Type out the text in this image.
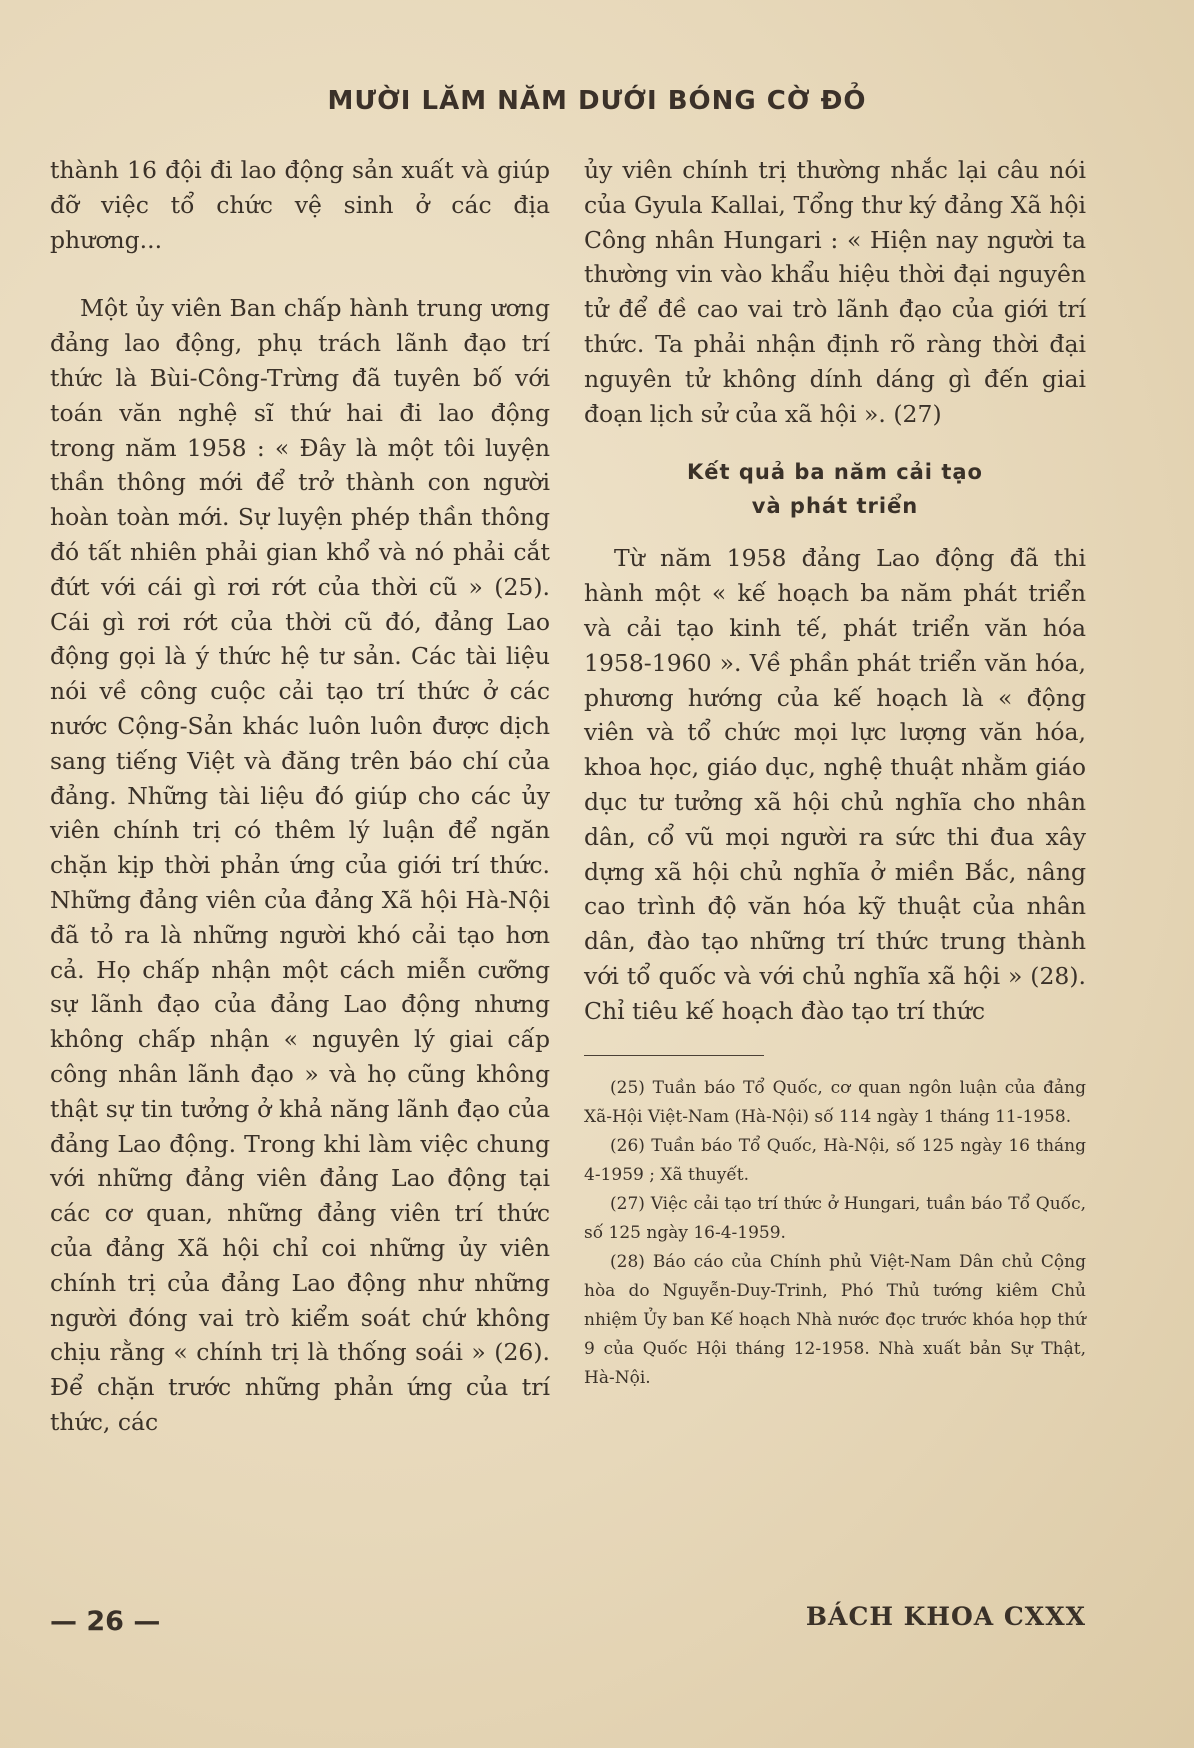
MƯỜI LĂM NĂM DƯỚI BÓNG CỜ ĐỎ

thành 16 đội đi lao động sản xuất và giúp đỡ việc tổ chức vệ sinh ở các địa phương...

Một ủy viên Ban chấp hành trung ương đảng lao động, phụ trách lãnh đạo trí thức là Bùi-Công-Trừng đã tuyên bố với toán văn nghệ sĩ thứ hai đi lao động trong năm 1958 : « Đây là một tôi luyện thần thông mới để trở thành con người hoàn toàn mới. Sự luyện phép thần thông đó tất nhiên phải gian khổ và nó phải cắt đứt với cái gì rơi rớt của thời cũ » (25). Cái gì rơi rớt của thời cũ đó, đảng Lao động gọi là ý thức hệ tư sản. Các tài liệu nói về công cuộc cải tạo trí thức ở các nước Cộng-Sản khác luôn luôn được dịch sang tiếng Việt và đăng trên báo chí của đảng. Những tài liệu đó giúp cho các ủy viên chính trị có thêm lý luận để ngăn chặn kịp thời phản ứng của giới trí thức. Những đảng viên của đảng Xã hội Hà-Nội đã tỏ ra là những người khó cải tạo hơn cả. Họ chấp nhận một cách miễn cưỡng sự lãnh đạo của đảng Lao động nhưng không chấp nhận « nguyên lý giai cấp công nhân lãnh đạo » và họ cũng không thật sự tin tưởng ở khả năng lãnh đạo của đảng Lao động. Trong khi làm việc chung với những đảng viên đảng Lao động tại các cơ quan, những đảng viên trí thức của đảng Xã hội chỉ coi những ủy viên chính trị của đảng Lao động như những người đóng vai trò kiểm soát chứ không chịu rằng « chính trị là thống soái » (26). Để chặn trước những phản ứng của trí thức, các

ủy viên chính trị thường nhắc lại câu nói của Gyula Kallai, Tổng thư ký đảng Xã hội Công nhân Hungari : « Hiện nay người ta thường vin vào khẩu hiệu thời đại nguyên tử để đề cao vai trò lãnh đạo của giới trí thức. Ta phải nhận định rõ ràng thời đại nguyên tử không dính dáng gì đến giai đoạn lịch sử của xã hội ». (27)

Kết quả ba năm cải tạo
và phát triển

Từ năm 1958 đảng Lao động đã thi hành một « kế hoạch ba năm phát triển và cải tạo kinh tế, phát triển văn hóa 1958-1960 ». Về phần phát triển văn hóa, phương hướng của kế hoạch là « động viên và tổ chức mọi lực lượng văn hóa, khoa học, giáo dục, nghệ thuật nhằm giáo dục tư tưởng xã hội chủ nghĩa cho nhân dân, cổ vũ mọi người ra sức thi đua xây dựng xã hội chủ nghĩa ở miền Bắc, nâng cao trình độ văn hóa kỹ thuật của nhân dân, đào tạo những trí thức trung thành với tổ quốc và với chủ nghĩa xã hội » (28). Chỉ tiêu kế hoạch đào tạo trí thức

(25) Tuần báo Tổ Quốc, cơ quan ngôn luận của đảng Xã-Hội Việt-Nam (Hà-Nội) số 114 ngày 1 tháng 11-1958.

(26) Tuần báo Tổ Quốc, Hà-Nội, số 125 ngày 16 tháng 4-1959 ; Xã thuyết.

(27) Việc cải tạo trí thức ở Hungari, tuần báo Tổ Quốc, số 125 ngày 16-4-1959.

(28) Báo cáo của Chính phủ Việt-Nam Dân chủ Cộng hòa do Nguyễn-Duy-Trinh, Phó Thủ tướng kiêm Chủ nhiệm Ủy ban Kế hoạch Nhà nước đọc trước khóa họp thứ 9 của Quốc Hội tháng 12-1958. Nhà xuất bản Sự Thật, Hà-Nội.

— 26 —	BÁCH KHOA CXXX
